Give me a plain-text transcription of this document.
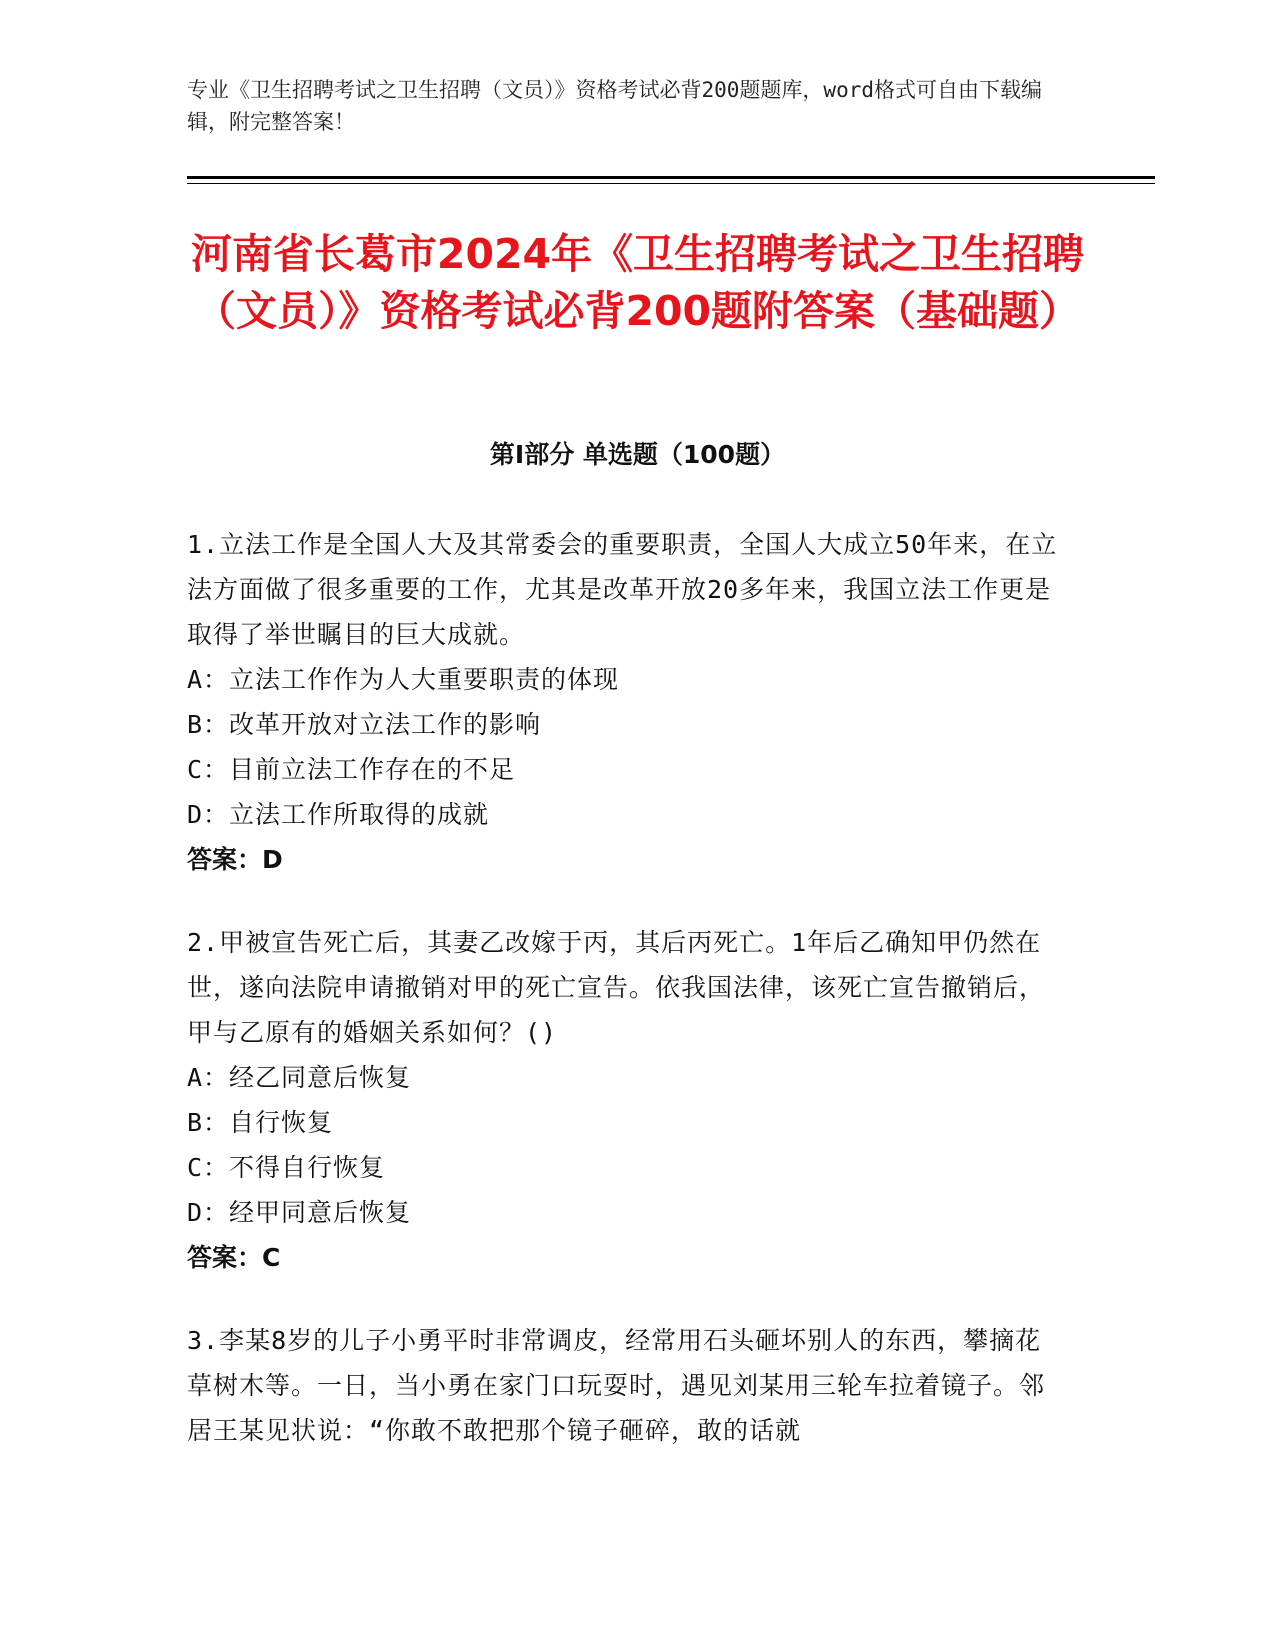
专业《卫生招聘考试之卫生招聘（文员）》资格考试必背200题题库，word格式可自由下载编辑，附完整答案！
河南省长葛市2024年《卫生招聘考试之卫生招聘（文员）》资格考试必背200题附答案（基础题）
第I部分 单选题（100题）
1.立法工作是全国人大及其常委会的重要职责，全国人大成立50年来，在立法方面做了很多重要的工作，尤其是改革开放20多年来，我国立法工作更是取得了举世瞩目的巨大成就。
A：立法工作作为人大重要职责的体现
B：改革开放对立法工作的影响
C：目前立法工作存在的不足
D：立法工作所取得的成就
答案：D
2.甲被宣告死亡后，其妻乙改嫁于丙，其后丙死亡。1年后乙确知甲仍然在世，遂向法院申请撤销对甲的死亡宣告。依我国法律，该死亡宣告撤销后，甲与乙原有的婚姻关系如何？()
A：经乙同意后恢复
B：自行恢复
C：不得自行恢复
D：经甲同意后恢复
答案：C
3.李某8岁的儿子小勇平时非常调皮，经常用石头砸坏别人的东西，攀摘花草树木等。一日，当小勇在家门口玩耍时，遇见刘某用三轮车拉着镜子。邻居王某见状说：“你敢不敢把那个镜子砸碎，敢的话就
